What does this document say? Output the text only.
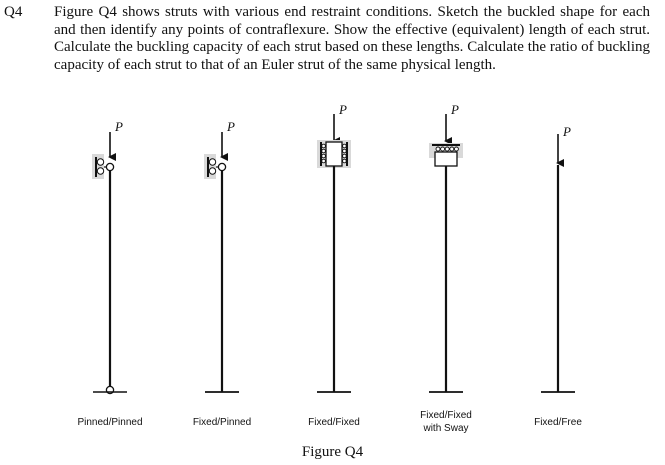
Q4 Figure Q4 shows struts with various end restraint conditions. Sketch the buckled shape for each and then identify any points of contraflexure. Show the effective (equivalent) length of each strut. Calculate the buckling capacity of each strut based on these lengths. Calculate the ratio of buckling capacity of each strut to that of an Euler strut of the same physical length.
P
Pinned/Pinned
P
Fixed/Pinned
P
Fixed/Fixed
P
Fixed/Fixed
with Sway
P
Fixed/Free
Figure Q4
